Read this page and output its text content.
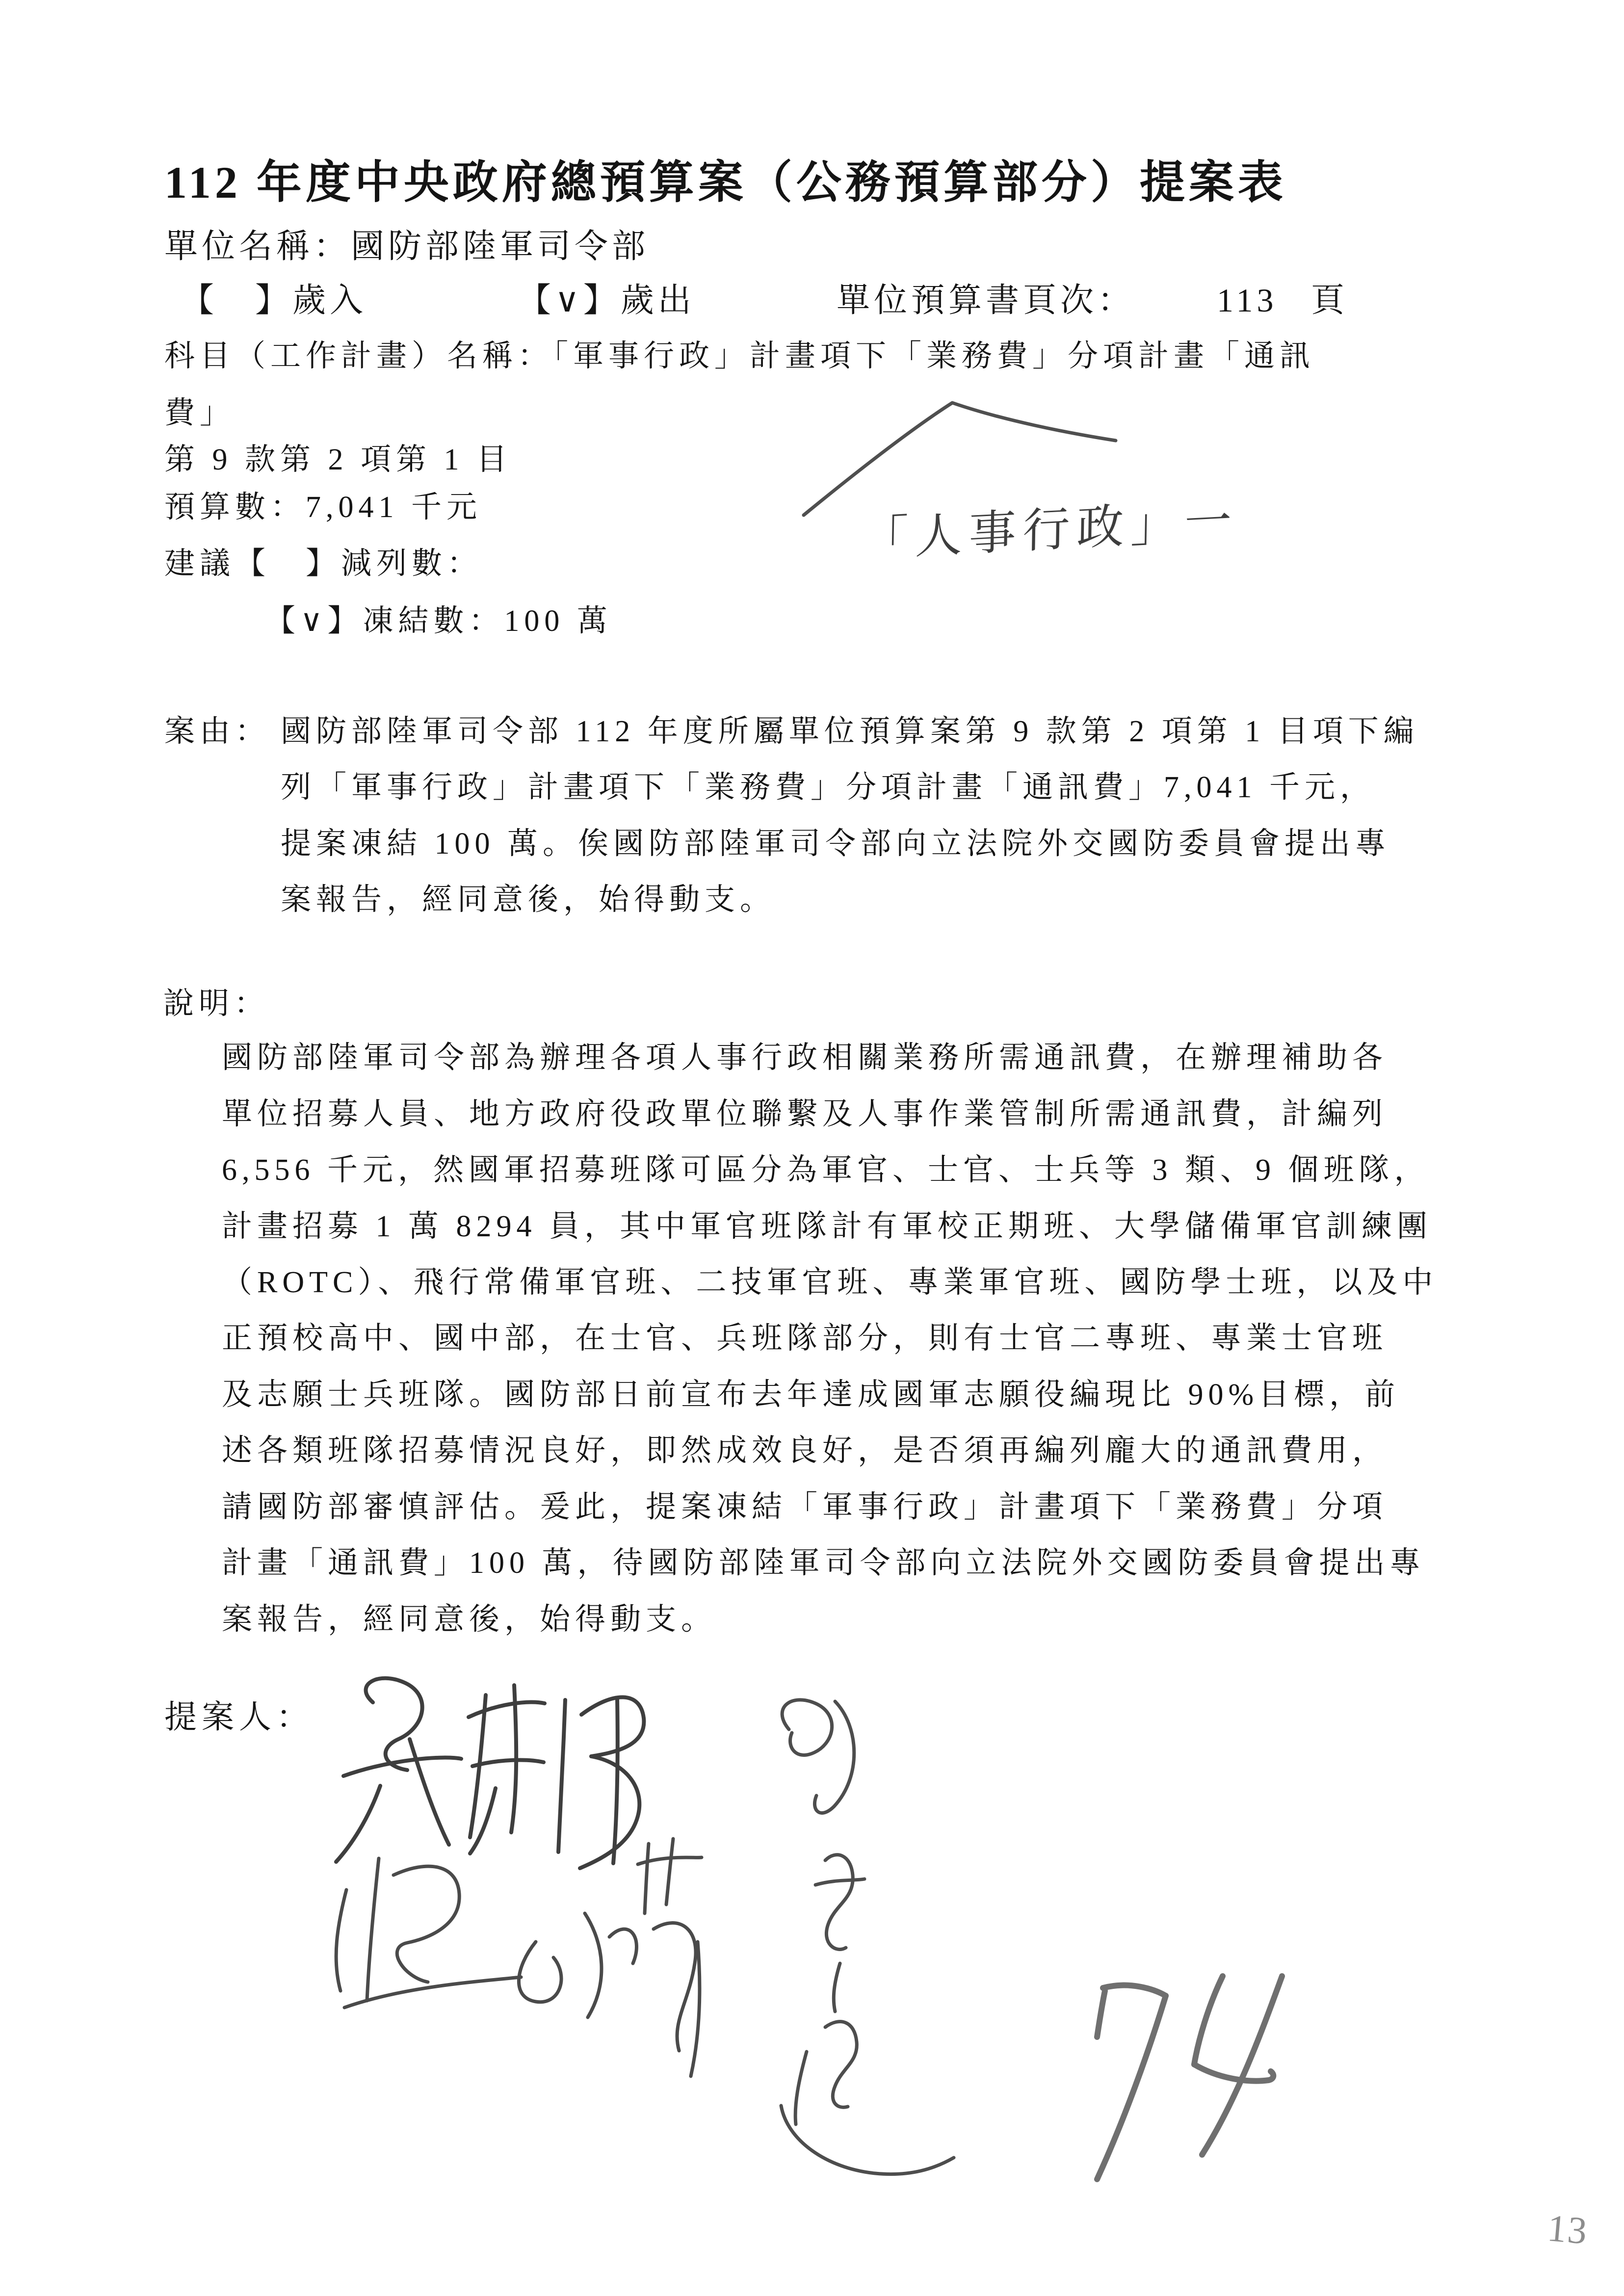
112 年度中央政府總預算案（公務預算部分）提案表
單位名稱：國防部陸軍司令部
【　】歲入	【∨】歲出	單位預算書頁次： 113 頁
科目（工作計畫）名稱：「軍事行政」計畫項下「業務費」分項計畫「通訊
費」
第 9 款第 2 項第 1 目
預算數：7,041 千元
建議【　】減列數：
【∨】凍結數：100 萬
案由： 國防部陸軍司令部 112 年度所屬單位預算案第 9 款第 2 項第 1 目項下編
列「軍事行政」計畫項下「業務費」分項計畫「通訊費」7,041 千元，
提案凍結 100 萬。俟國防部陸軍司令部向立法院外交國防委員會提出專
案報告，經同意後，始得動支。
說明：
國防部陸軍司令部為辦理各項人事行政相關業務所需通訊費，在辦理補助各
單位招募人員、地方政府役政單位聯繫及人事作業管制所需通訊費，計編列
6,556 千元，然國軍招募班隊可區分為軍官、士官、士兵等 3 類、9 個班隊，
計畫招募 1 萬 8294 員，其中軍官班隊計有軍校正期班、大學儲備軍官訓練團
（ROTC）、飛行常備軍官班、二技軍官班、專業軍官班、國防學士班，以及中
正預校高中、國中部，在士官、兵班隊部分，則有士官二專班、專業士官班
及志願士兵班隊。國防部日前宣布去年達成國軍志願役編現比 90%目標，前
述各類班隊招募情況良好，即然成效良好，是否須再編列龐大的通訊費用，
請國防部審慎評估。爰此，提案凍結「軍事行政」計畫項下「業務費」分項
計畫「通訊費」100 萬，待國防部陸軍司令部向立法院外交國防委員會提出專
案報告，經同意後，始得動支。
提案人：
「人事行政」一
13
